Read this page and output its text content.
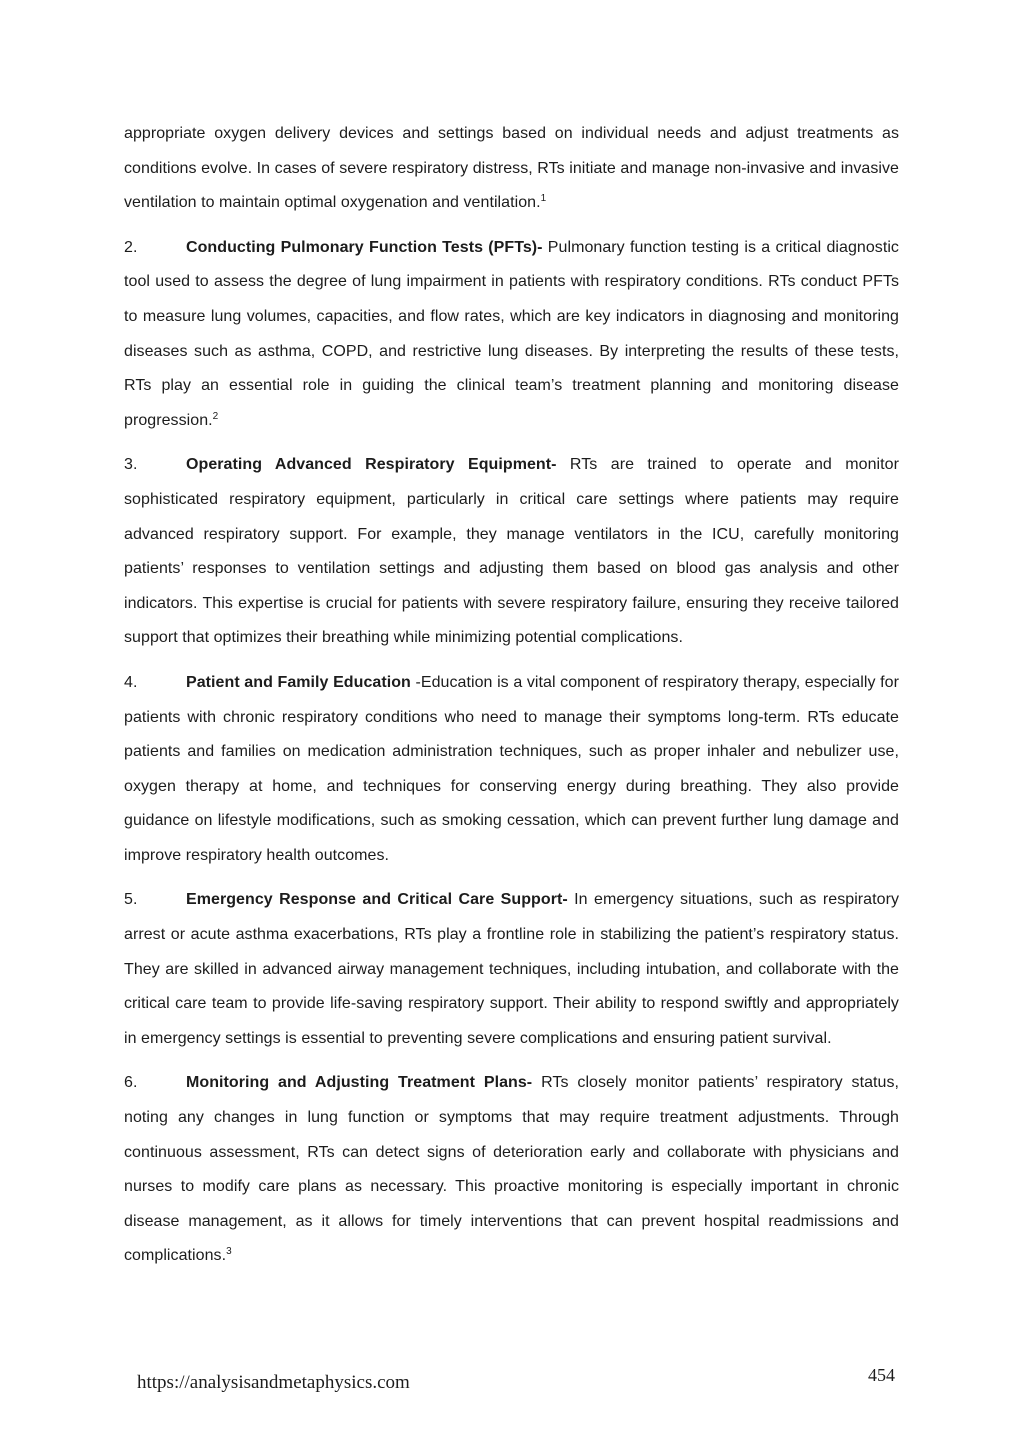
appropriate oxygen delivery devices and settings based on individual needs and adjust treatments as conditions evolve. In cases of severe respiratory distress, RTs initiate and manage non-invasive and invasive ventilation to maintain optimal oxygenation and ventilation.$^1$

2.	Conducting Pulmonary Function Tests (PFTs)- Pulmonary function testing is a critical diagnostic tool used to assess the degree of lung impairment in patients with respiratory conditions. RTs conduct PFTs to measure lung volumes, capacities, and flow rates, which are key indicators in diagnosing and monitoring diseases such as asthma, COPD, and restrictive lung diseases. By interpreting the results of these tests, RTs play an essential role in guiding the clinical team’s treatment planning and monitoring disease progression.$^2$

3.	Operating Advanced Respiratory Equipment- RTs are trained to operate and monitor sophisticated respiratory equipment, particularly in critical care settings where patients may require advanced respiratory support. For example, they manage ventilators in the ICU, carefully monitoring patients’ responses to ventilation settings and adjusting them based on blood gas analysis and other indicators. This expertise is crucial for patients with severe respiratory failure, ensuring they receive tailored support that optimizes their breathing while minimizing potential complications.

4.	Patient and Family Education -Education is a vital component of respiratory therapy, especially for patients with chronic respiratory conditions who need to manage their symptoms long-term. RTs educate patients and families on medication administration techniques, such as proper inhaler and nebulizer use, oxygen therapy at home, and techniques for conserving energy during breathing. They also provide guidance on lifestyle modifications, such as smoking cessation, which can prevent further lung damage and improve respiratory health outcomes.

5.	Emergency Response and Critical Care Support- In emergency situations, such as respiratory arrest or acute asthma exacerbations, RTs play a frontline role in stabilizing the patient’s respiratory status. They are skilled in advanced airway management techniques, including intubation, and collaborate with the critical care team to provide life-saving respiratory support. Their ability to respond swiftly and appropriately in emergency settings is essential to preventing severe complications and ensuring patient survival.

6.	Monitoring and Adjusting Treatment Plans- RTs closely monitor patients’ respiratory status, noting any changes in lung function or symptoms that may require treatment adjustments. Through continuous assessment, RTs can detect signs of deterioration early and collaborate with physicians and nurses to modify care plans as necessary. This proactive monitoring is especially important in chronic disease management, as it allows for timely interventions that can prevent hospital readmissions and complications.$^3$

https://analysisandmetaphysics.com	454
